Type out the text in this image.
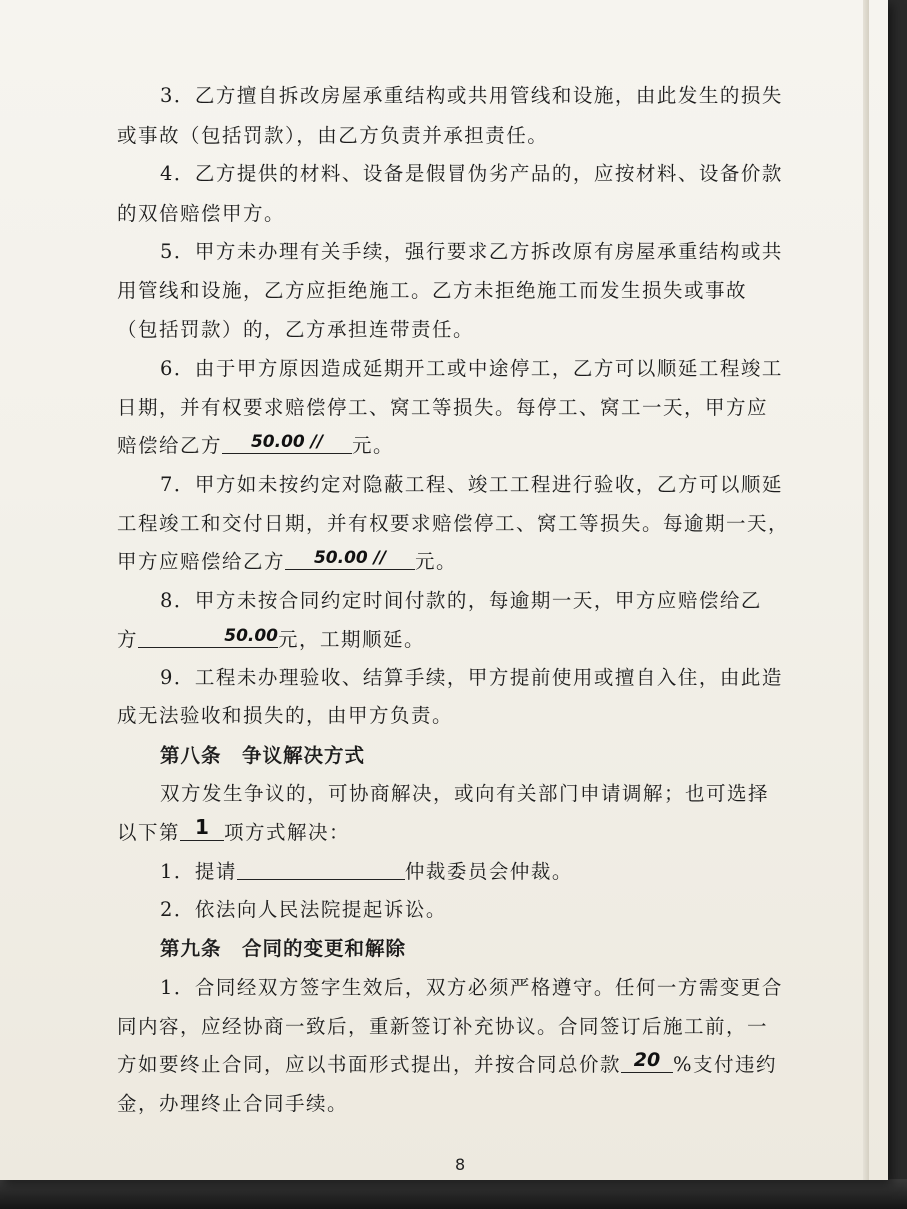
3．乙方擅自拆改房屋承重结构或共用管线和设施，由此发生的损失
或事故（包括罚款），由乙方负责并承担责任。
4．乙方提供的材料、设备是假冒伪劣产品的，应按材料、设备价款
的双倍赔偿甲方。
5．甲方未办理有关手续，强行要求乙方拆改原有房屋承重结构或共
用管线和设施，乙方应拒绝施工。乙方未拒绝施工而发生损失或事故
（包括罚款）的，乙方承担连带责任。
6．由于甲方原因造成延期开工或中途停工，乙方可以顺延工程竣工
日期，并有权要求赔偿停工、窝工等损失。每停工、窝工一天，甲方应
赔偿给乙方	50.00 //	元。
7．甲方如未按约定对隐蔽工程、竣工工程进行验收，乙方可以顺延
工程竣工和交付日期，并有权要求赔偿停工、窝工等损失。每逾期一天，
甲方应赔偿给乙方	50.00 //	元。
8．甲方未按合同约定时间付款的，每逾期一天，甲方应赔偿给乙
方	50.00 元，工期顺延。
9．工程未办理验收、结算手续，甲方提前使用或擅自入住，由此造
成无法验收和损失的，由甲方负责。
第八条　争议解决方式
双方发生争议的，可协商解决，或向有关部门申请调解；也可选择
以下第 1 项方式解决：
1．提请	仲裁委员会仲裁。
2．依法向人民法院提起诉讼。
第九条　合同的变更和解除
1．合同经双方签字生效后，双方必须严格遵守。任何一方需变更合
同内容，应经协商一致后，重新签订补充协议。合同签订后施工前，一
方如要终止合同，应以书面形式提出，并按合同总价款 20 %支付违约
金，办理终止合同手续。
8
